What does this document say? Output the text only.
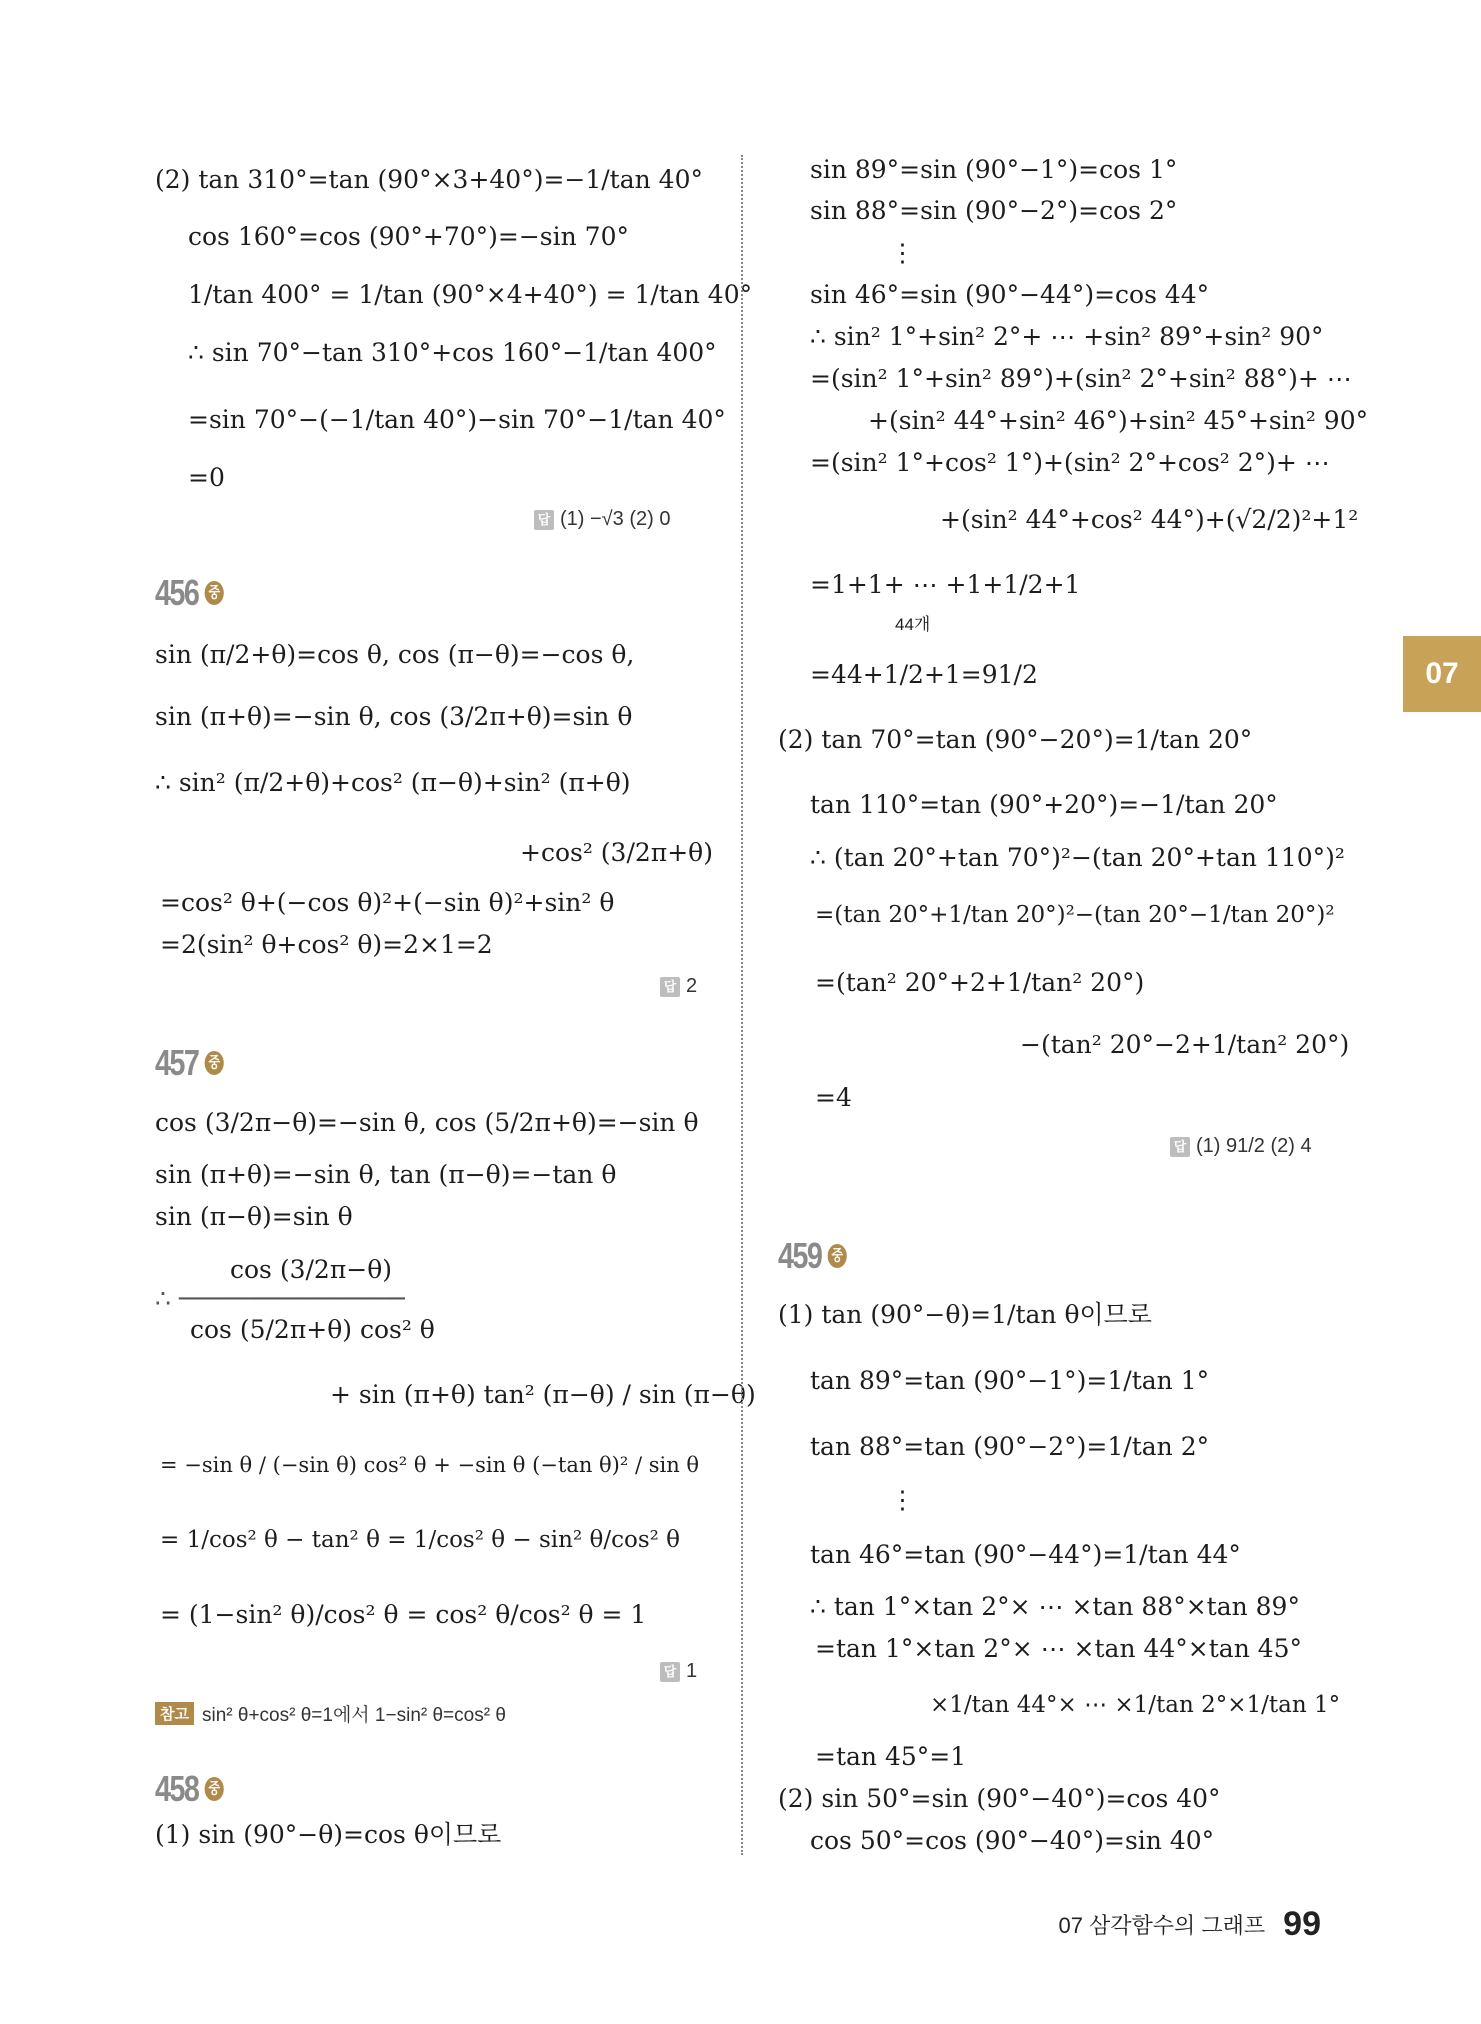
(2) tan 310°=tan (90°×3+40°)=−1/tan 40°
cos 160°=cos (90°+70°)=−sin 70°
1/tan 400° = 1/tan (90°×4+40°) = 1/tan 40°
∴ sin 70°−tan 310°+cos 160°−1/tan 400°
=sin 70°−(−1/tan 40°)−sin 70°−1/tan 40°
=0
답 (1) −√3 (2) 0
456 중
sin (π/2+θ)=cos θ, cos (π−θ)=−cos θ,
sin (π+θ)=−sin θ, cos (3/2π+θ)=sin θ
∴ sin² (π/2+θ)+cos² (π−θ)+sin² (π+θ)
+cos² (3/2π+θ)
=cos² θ+(−cos θ)²+(−sin θ)²+sin² θ
=2(sin² θ+cos² θ)=2×1=2
답 2
457 중
cos (3/2π−θ)=−sin θ, cos (5/2π+θ)=−sin θ
sin (π+θ)=−sin θ, tan (π−θ)=−tan θ
sin (π−θ)=sin θ
cos (3/2π−θ)
∴ ───────────────
cos (5/2π+θ) cos² θ
+ sin (π+θ) tan² (π−θ) / sin (π−θ)
= −sin θ / (−sin θ) cos² θ + −sin θ (−tan θ)² / sin θ
= 1/cos² θ − tan² θ = 1/cos² θ − sin² θ/cos² θ
= (1−sin² θ)/cos² θ = cos² θ/cos² θ = 1
답 1
참고 sin² θ+cos² θ=1에서 1−sin² θ=cos² θ
458 중
(1) sin (90°−θ)=cos θ이므로
sin 89°=sin (90°−1°)=cos 1°
sin 88°=sin (90°−2°)=cos 2°
⋮
sin 46°=sin (90°−44°)=cos 44°
∴ sin² 1°+sin² 2°+ ⋯ +sin² 89°+sin² 90°
=(sin² 1°+sin² 89°)+(sin² 2°+sin² 88°)+ ⋯
+(sin² 44°+sin² 46°)+sin² 45°+sin² 90°
=(sin² 1°+cos² 1°)+(sin² 2°+cos² 2°)+ ⋯
+(sin² 44°+cos² 44°)+(√2/2)²+1²
=1+1+ ⋯ +1+1/2+1
44개
=44+1/2+1=91/2
(2) tan 70°=tan (90°−20°)=1/tan 20°
tan 110°=tan (90°+20°)=−1/tan 20°
∴ (tan 20°+tan 70°)²−(tan 20°+tan 110°)²
=(tan 20°+1/tan 20°)²−(tan 20°−1/tan 20°)²
=(tan² 20°+2+1/tan² 20°)
−(tan² 20°−2+1/tan² 20°)
=4
답 (1) 91/2 (2) 4
459 중
(1) tan (90°−θ)=1/tan θ이므로
tan 89°=tan (90°−1°)=1/tan 1°
tan 88°=tan (90°−2°)=1/tan 2°
⋮
tan 46°=tan (90°−44°)=1/tan 44°
∴ tan 1°×tan 2°× ⋯ ×tan 88°×tan 89°
=tan 1°×tan 2°× ⋯ ×tan 44°×tan 45°
×1/tan 44°× ⋯ ×1/tan 2°×1/tan 1°
=tan 45°=1
(2) sin 50°=sin (90°−40°)=cos 40°
cos 50°=cos (90°−40°)=sin 40°
07
07 삼각함수의 그래프 99
